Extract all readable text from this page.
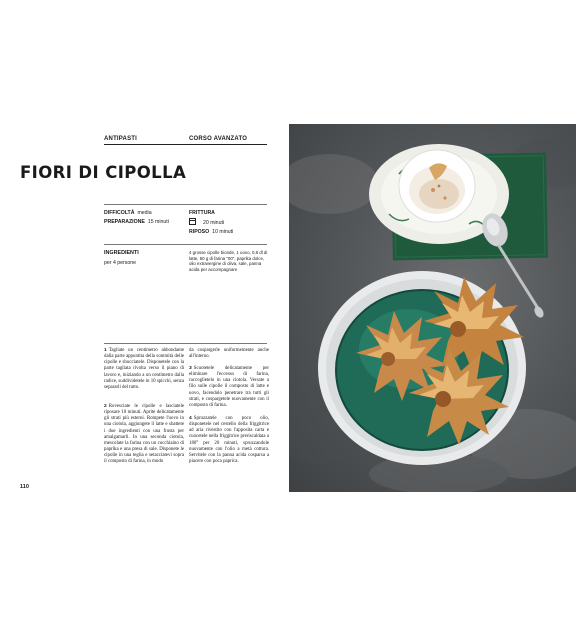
ANTIPASTI	CORSO AVANZATO
FIORI DI CIPOLLA
DIFFICOLTÀ media
PREPARAZIONE 15 minuti
FRITTURA
20 minuti
RIPOSO 10 minuti
INGREDIENTI
per 4 persone
4 grosse cipolle bionde, 1 uovo, 0,8 dl di latte, 50 g di farina "00", paprika dolce, olio extravergine di oliva, sale, panna acida per accompagnare
1 Tagliate un centimetro abbondante dalla parte appuntita della sommità delle cipolle e sbucciatele. Disponetele con la parte tagliata rivolta verso il piano di lavoro e, iniziando a un centimetro dalla radice, suddividetele in 10 spicchi, senza separarli del tutto.
2 Rovesciate le cipolle e lasciatele riposare 10 minuti. Aprite delicatamente gli strati più esterni. Rompete l'uovo in una ciotola, aggiungete il latte e sbattete i due ingredienti con una frusta per amalgamarli. In una seconda ciotola, mescolate la farina con un cucchiaino di paprika e una presa di sale. Disponete le cipolle in una teglia e setacciatevi sopra il composto di farina, in modo
da cospargerle uniformemente anche all'interno.
3 Scuotetele delicatamente per eliminare l'eccesso di farina, raccoglietelo in una ciotola. Versate a filo sulle cipolle il composto di latte e uovo, facendolo penetrare tra tutti gli strati, e cospargetele nuovamente con il composto di farina.
4 Spruzzatele con poco olio, disponetele nel cestello della friggitrice ad aria rivestito con l'apposita carta e cuocetele nella friggitrice preriscaldata a 180° per 20 minuti, spruzzandole nuovamente con l'olio a metà cottura. Servitele con la panna acida cosparsa a piacere con poca paprica.
110
